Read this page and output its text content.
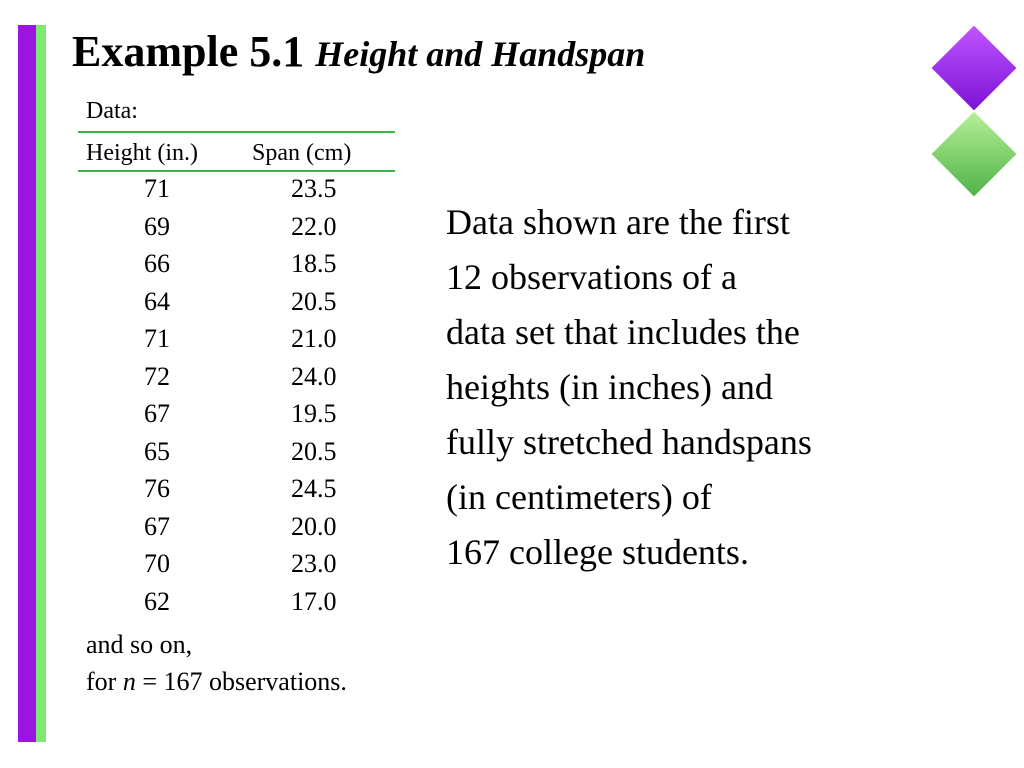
Example 5.1 Height and Handspan
Data:
Height (in.) Span (cm)
71	23.5
69	22.0
66	18.5
64	20.5
71	21.0
72	24.0
67	19.5
65	20.5
76	24.5
67	20.0
70	23.0
62	17.0
and so on,
for n = 167 observations.
Data shown are the first
12 observations of a
data set that includes the
heights (in inches) and
fully stretched handspans
(in centimeters) of
167 college students.
